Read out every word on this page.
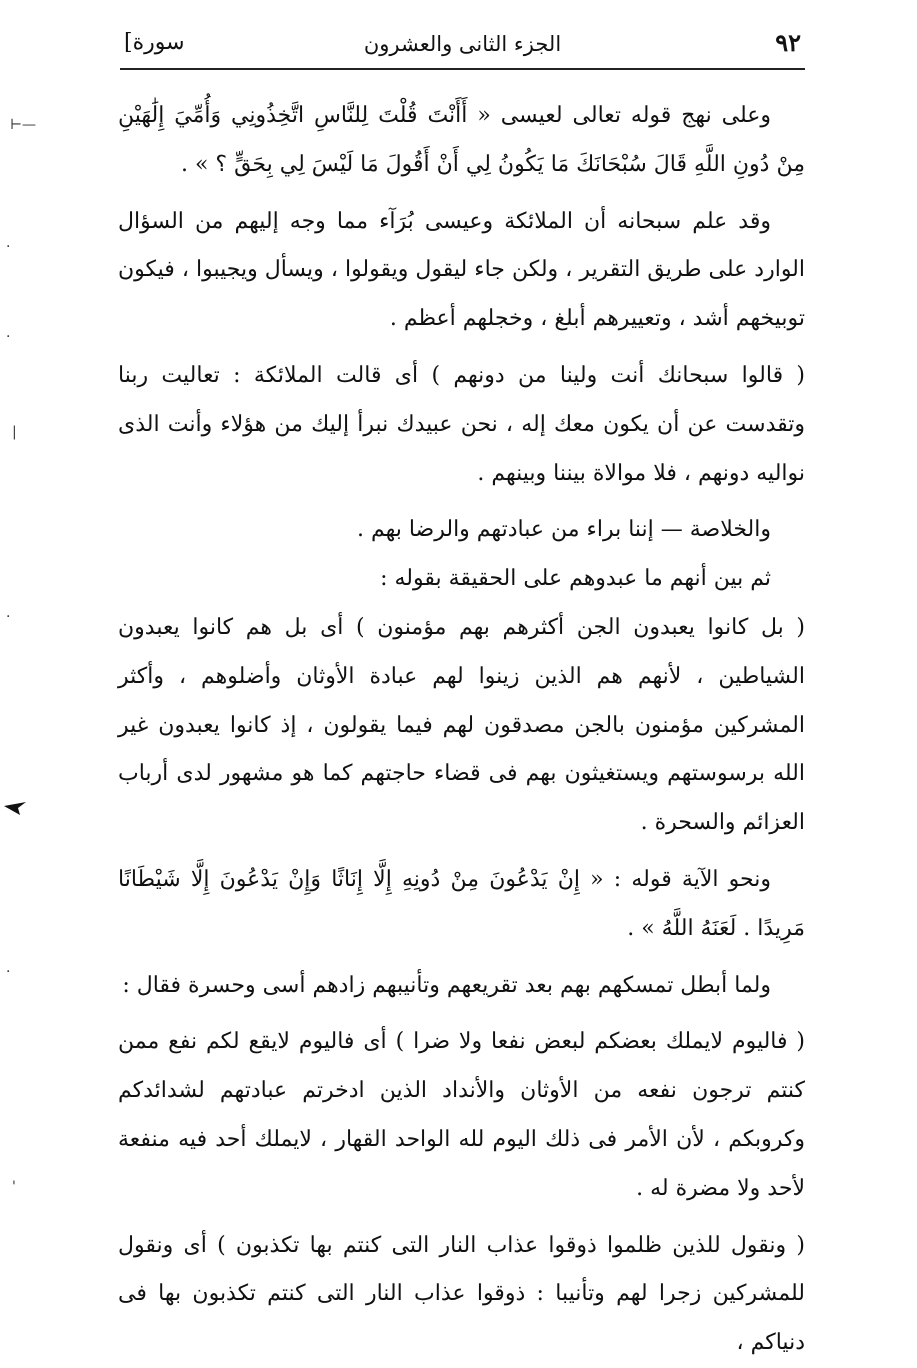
٩٢
الجزء الثانى والعشرون
[سورة
⊢—
·
·
|
·
·
'

وعلى نهج قوله تعالى لعيسى « أَأَنْتَ قُلْتَ لِلنَّاسِ اتَّخِذُونِي وَأُمِّيَ إِلَٰهَيْنِ مِنْ دُونِ اللَّهِ قَالَ سُبْحَانَكَ مَا يَكُونُ لِي أَنْ أَقُولَ مَا لَيْسَ لِي بِحَقٍّ ؟ » .

وقد علم سبحانه أن الملائكة وعيسى بُرَآء مما وجه إليهم من السؤال الوارد على طريق التقرير ، ولكن جاء ليقول ويقولوا ، ويسأل ويجيبوا ، فيكون توبيخهم أشد ، وتعييرهم أبلغ ، وخجلهم أعظم .

( قالوا سبحانك أنت ولينا من دونهم ) أى قالت الملائكة : تعاليت ربنا وتقدست عن أن يكون معك إله ، نحن عبيدك نبرأ إليك من هؤلاء وأنت الذى نواليه دونهم ، فلا موالاة بيننا وبينهم .

والخلاصة — إننا براء من عبادتهم والرضا بهم .

ثم بين أنهم ما عبدوهم على الحقيقة بقوله :

( بل كانوا يعبدون الجن أكثرهم بهم مؤمنون ) أى بل هم كانوا يعبدون الشياطين ، لأنهم هم الذين زينوا لهم عبادة الأوثان وأضلوهم ، وأكثر المشركين مؤمنون بالجن مصدقون لهم فيما يقولون ، إذ كانوا يعبدون غير الله برسوستهم ويستغيثون بهم فى قضاء حاجتهم كما هو مشهور لدى أرباب العزائم والسحرة .

ونحو الآية قوله : « إِنْ يَدْعُونَ مِنْ دُونِهِ إِلَّا إِنَاثًا وَإِنْ يَدْعُونَ إِلَّا شَيْطَانًا مَرِيدًا . لَعَنَهُ اللَّهُ » .

ولما أبطل تمسكهم بهم بعد تقريعهم وتأنيبهم زادهم أسى وحسرة فقال :

( فاليوم لايملك بعضكم لبعض نفعا ولا ضرا ) أى فاليوم لايقع لكم نفع ممن كنتم ترجون نفعه من الأوثان والأنداد الذين ادخرتم عبادتهم لشدائدكم وكروبكم ، لأن الأمر فى ذلك اليوم لله الواحد القهار ، لايملك أحد فيه منفعة لأحد ولا مضرة له .

( ونقول للذين ظلموا ذوقوا عذاب النار التى كنتم بها تكذبون ) أى ونقول للمشركين زجرا لهم وتأنيبا : ذوقوا عذاب النار التى كنتم تكذبون بها فى دنياكم ،
